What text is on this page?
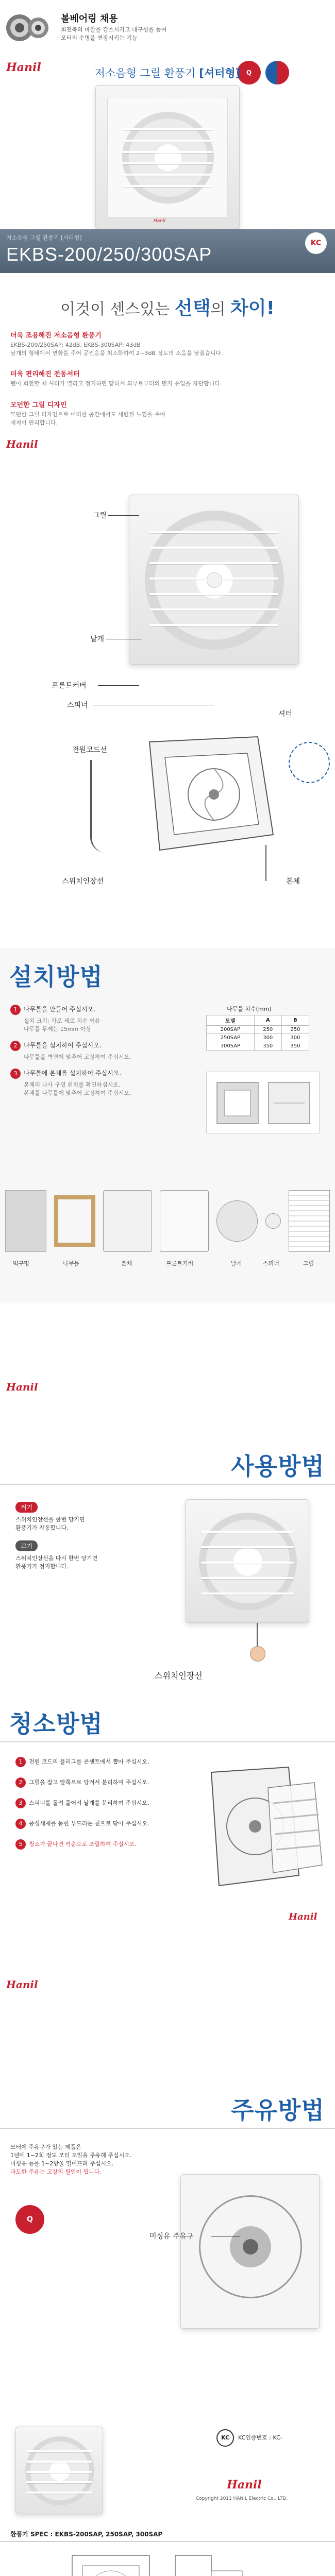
볼베어링 채용
회전축의 마찰을 감소시키고 내구성을 높여
모터의 수명을 연장시키는 기능
Hanil	Q
저소음형 그릴 환풍기 [셔터형]
Hanil
저소음형 그릴 환풍기 [셔터형]
EKBS-200/250/300SAP
KC
이것이 센스있는 선택의 차이!
더욱 조용해진 저소음형 환풍기
EKBS-200/250SAP: 42dB, EKBS-300SAP: 43dB
날개의 형태에서 변화를 주어 공진음을 최소화하여 2~3dB 정도의 소음을 낮췄습니다.
더욱 편리해진 전동셔터
팬이 회전할 때 셔터가 열리고 정지하면 닫혀서 외부로부터의 먼지 유입을 차단합니다.
모던한 그릴 디자인
모던한 그릴 디자인으로 어떠한 공간에서도 세련된 느낌을 주며
세척이 편리합니다.
Hanil
그릴
날개
프론트커버
스피너
전원코드선
셔터
스위치인장선	본체
설치방법
1 나무틀을 만들어 주십시오.
설치 크기: 가로 세로 치수 여유
나무틀 두께는 15mm 이상
2 나무틀을 설치하여 주십시오.
나무틀을 벽면에 맞추어 고정하여 주십시오.
3 나무틀에 본체를 설치하여 주십시오.
본체의 나사 구멍 위치를 확인하십시오.
본체를 나무틀에 맞추어 고정하여 주십시오.
나무틀 치수(mm)
모델	A	B
200SAP	250	250
250SAP	300	300
300SAP	350	350
벽구멍	나무틀	본체	프론트커버	날개	스피너	그릴
Hanil
사용방법
켜기
스위치인장선을 한번 당기면
환풍기가 작동합니다.
끄기
스위치인장선을 다시 한번 당기면
환풍기가 정지합니다.
스위치인장선
청소방법
1 전원 코드의 플러그를 콘센트에서 뽑아 주십시오.
2 그릴을 잡고 앞쪽으로 당겨서 분리하여 주십시오.
3 스피너를 돌려 풀어서 날개를 분리하여 주십시오.
4 중성세제를 묻힌 부드러운 천으로 닦아 주십시오.
5 청소가 끝나면 역순으로 조립하여 주십시오.
Hanil
Hanil
주유방법
모터에 주유구가 있는 제품은
1년에 1~2회 정도 모터 오일을 주유해 주십시오.
미싱유 등을 1~2방울 떨어뜨려 주십시오.
과도한 주유는 고장의 원인이 됩니다.
Q
미싱유 주유구
KC	KC인증번호 : KC-
Hanil
Copyright 2011 HANIL Electric Co., LTD.
환풍기 SPEC : EKBS-200SAP, 250SAP, 300SAP
